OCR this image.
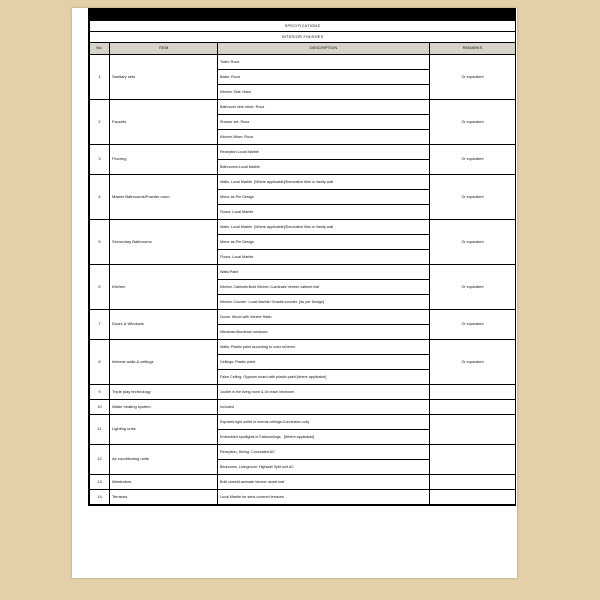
SPECIFICATIONS			
INTERIOR FINISHES			
No.	ITEM	DESCRIPTION	REMARKS
1	Sanitary sets	Toilet: Roca	Or equivalent
		Basin: Roca	
		Kitchen Sink: Hans	
2	Faucets	Bathroom sink mixer: Roca	Or equivalent
		Shower set: Roca	
		Kitchen Mixer: Roca	
3	Flooring	Reception:Local Marble	Or equivalent
		Bathrooms:Local Marble	
4	Master Bathrooms/Powder room	Walls: Local Marble. [Where applicable]/Decorative tiles in Vanity wall	Or equivalent
		Mirror as Per Design	
		Floors: Local Marble	
5	Secondary Bathrooms	Walls: Local Marble. [Where applicable]/Decorative tiles in Vanity wall	Or equivalent
		Mirror as Per Design	
		Floors: Local Marble	
6	Kitchen	Walls:Paint	Or equivalent
		Kitchen Cabinets:Built Kitchen /Laminate Veneer cabinet leaf	
		Kitchen Counter: Local Marble/ Granite:counter. [As per Design]	
7	Doors & Windows	Doors: Wood with Veneer finish.	Or equivalent
		Windows:Aluminum windows	
8	Internal walls & ceilings	Walls: Plastic paint according to color scheme.	Or equivalent
		Ceilings: Plastic paint.	
		False Ceiling: Gypsum board with plastic paint [where applicable]	
9	Triple play technology	1outlet in the living room & 1in each bedroom .	
10	Water heating system	Included	
11	Lighting units	Exposed light outlet in normal ceilings:Connection only	
		Embedded spotlights in Falseceilings . [Where applicable]	
12	Air conditioning units	Reception, Dining: Concealed AC	
		Bedrooms, Livingroom: Highwall Split unit AC	
13	Wardrobes	Built closet/Laminate Veneer closet leaf	
14	Terraces	Local Marble for semi-covered terraces	
